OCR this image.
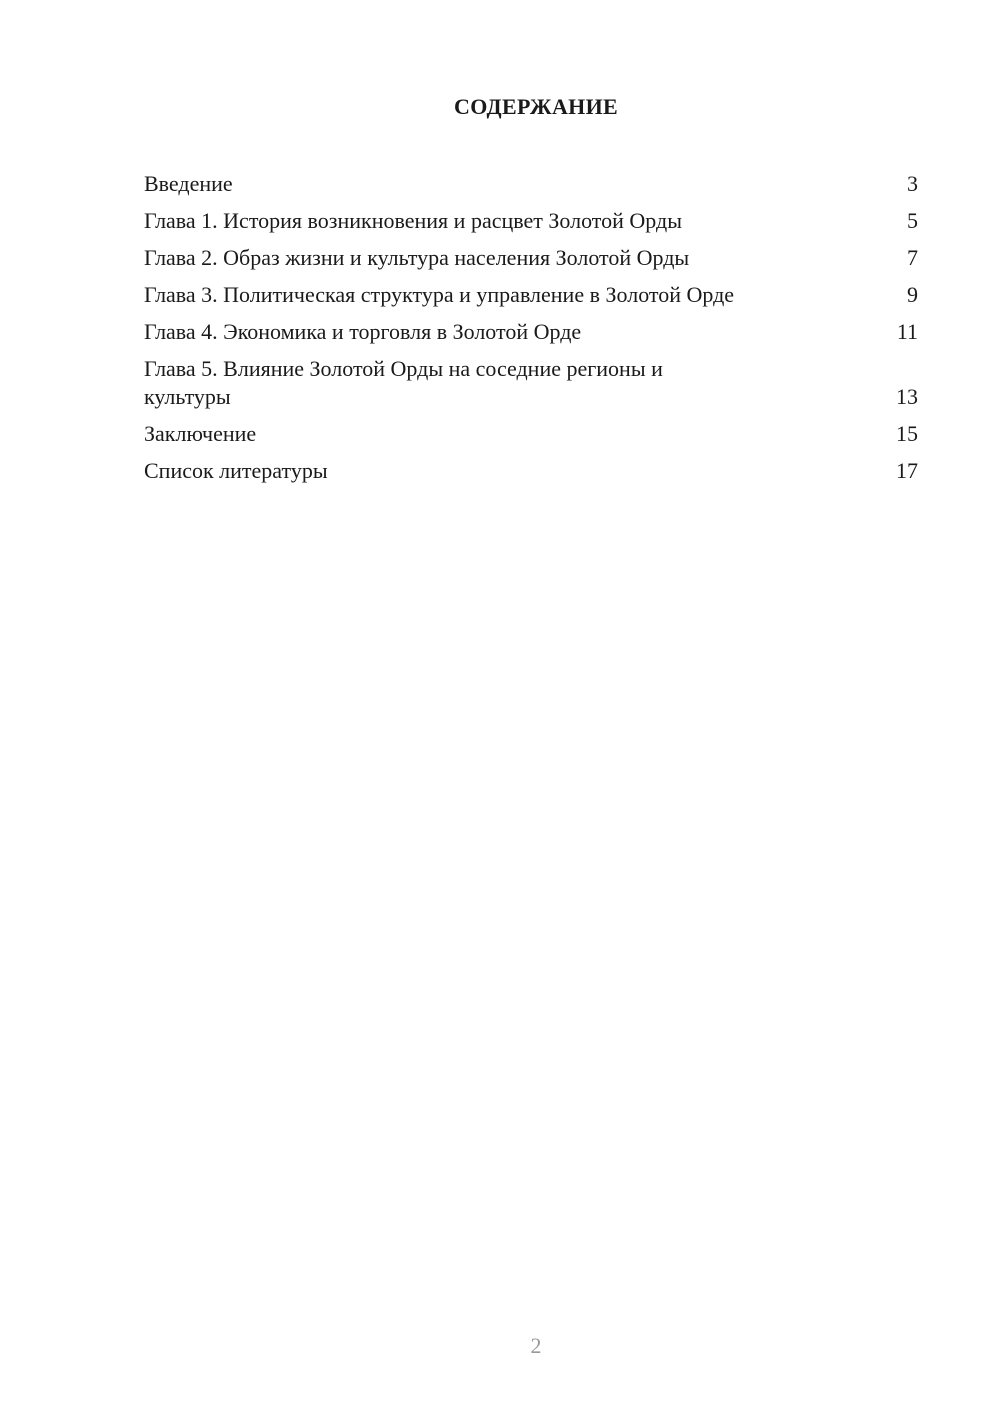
СОДЕРЖАНИЕ
Введение	3
Глава 1. История возникновения и расцвет Золотой Орды	5
Глава 2. Образ жизни и культура населения Золотой Орды	7
Глава 3. Политическая структура и управление в Золотой Орде	9
Глава 4. Экономика и торговля в Золотой Орде	11
Глава 5. Влияние Золотой Орды на соседние регионы и культуры	13
Заключение	15
Список литературы	17
2
